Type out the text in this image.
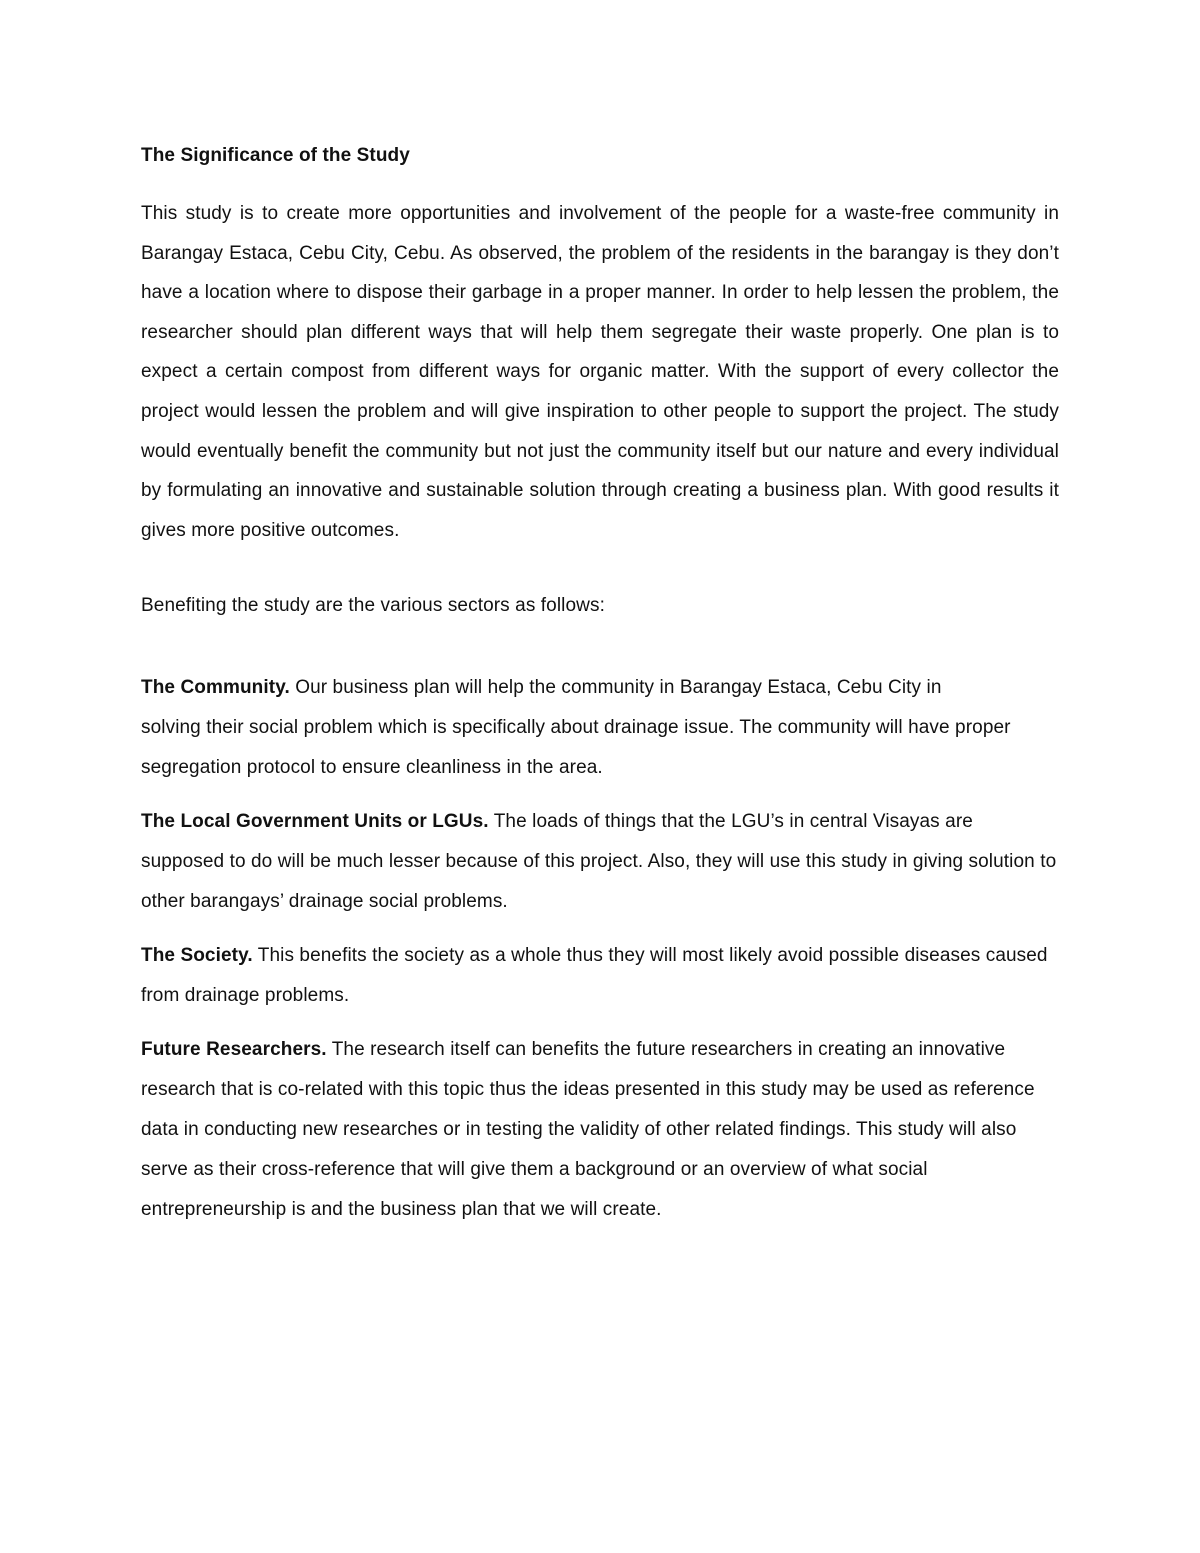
The Significance of the Study

This study is to create more opportunities and involvement of the people for a waste-free community in Barangay Estaca, Cebu City, Cebu. As observed, the problem of the residents in the barangay is they don’t have a location where to dispose their garbage in a proper manner. In order to help lessen the problem, the researcher should plan different ways that will help them segregate their waste properly. One plan is to expect a certain compost from different ways for organic matter. With the support of every collector the project would lessen the problem and will give inspiration to other people to support the project. The study would eventually benefit the community but not just the community itself but our nature and every individual by formulating an innovative and sustainable solution through creating a business plan. With good results it gives more positive outcomes.

Benefiting the study are the various sectors as follows:

The Community. Our business plan will help the community in Barangay Estaca, Cebu City in

solving their social problem which is specifically about drainage issue. The community will have proper segregation protocol to ensure cleanliness in the area.

The Local Government Units or LGUs. The loads of things that the LGU’s in central Visayas are supposed to do will be much lesser because of this project. Also, they will use this study in giving solution to other barangays’ drainage social problems.

The Society. This benefits the society as a whole thus they will most likely avoid possible diseases caused from drainage problems.

Future Researchers. The research itself can benefits the future researchers in creating an innovative research that is co-related with this topic thus the ideas presented in this study may be used as reference data in conducting new researches or in testing the validity of other related findings. This study will also serve as their cross-reference that will give them a background or an overview of what social entrepreneurship is and the business plan that we will create.
